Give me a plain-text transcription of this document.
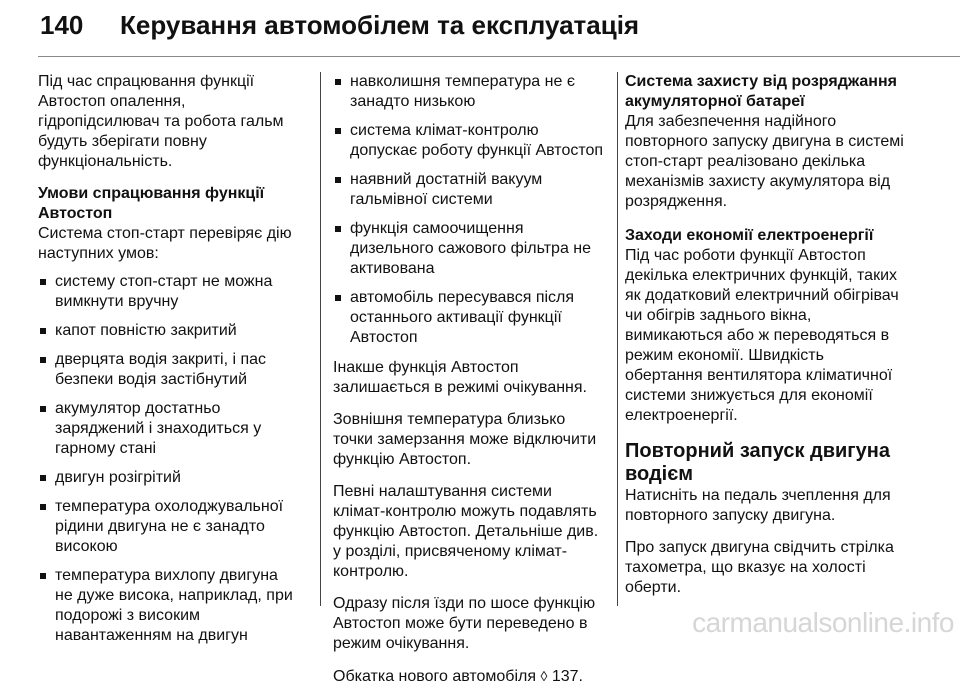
140 Керування автомобілем та експлуатація

Під час спрацювання функції Автостоп опалення, гідропідсилювач та робота гальм будуть зберігати повну функціональність.

Умови спрацювання функції Автостоп

Система стоп-старт перевіряє дію наступних умов:

систему стоп-старт не можна вимкнути вручну
капот повністю закритий
дверцята водія закриті, і пас безпеки водія застібнутий
акумулятор достатньо заряджений і знаходиться у гарному стані
двигун розігрітий
температура охолоджувальної рідини двигуна не є занадто високою
температура вихлопу двигуна не дуже висока, наприклад, при подорожі з високим навантаженням на двигун
навколишня температура не є занадто низькою
система клімат-контролю допускає роботу функції Автостоп
наявний достатній вакуум гальмівної системи
функція самоочищення дизельного сажового фільтра не активована
автомобіль пересувався після останнього активації функції Автостоп

Інакше функція Автостоп залишається в режимі очікування.

Зовнішня температура близько точки замерзання може відключити функцію Автостоп.

Певні налаштування системи клімат-контролю можуть подавлять функцію Автостоп. Детальніше див. у розділі, присвяченому клімат-контролю.

Одразу після їзди по шосе функцію Автостоп може бути переведено в режим очікування.

Обкатка нового автомобіля ◊ 137.

Система захисту від розряджання акумуляторної батареї

Для забезпечення надійного повторного запуску двигуна в системі стоп-старт реалізовано декілька механізмів захисту акумулятора від розрядження.

Заходи економії електроенергії

Під час роботи функції Автостоп декілька електричних функцій, таких як додатковий електричний обігрівач чи обігрів заднього вікна, вимикаються або ж переводяться в режим економії. Швидкість обертання вентилятора кліматичної системи знижується для економії електроенергії.

Повторний запуск двигуна водієм

Натисніть на педаль зчеплення для повторного запуску двигуна.

Про запуск двигуна свідчить стрілка тахометра, що вказує на холості оберти.

carmanualsonline.info
